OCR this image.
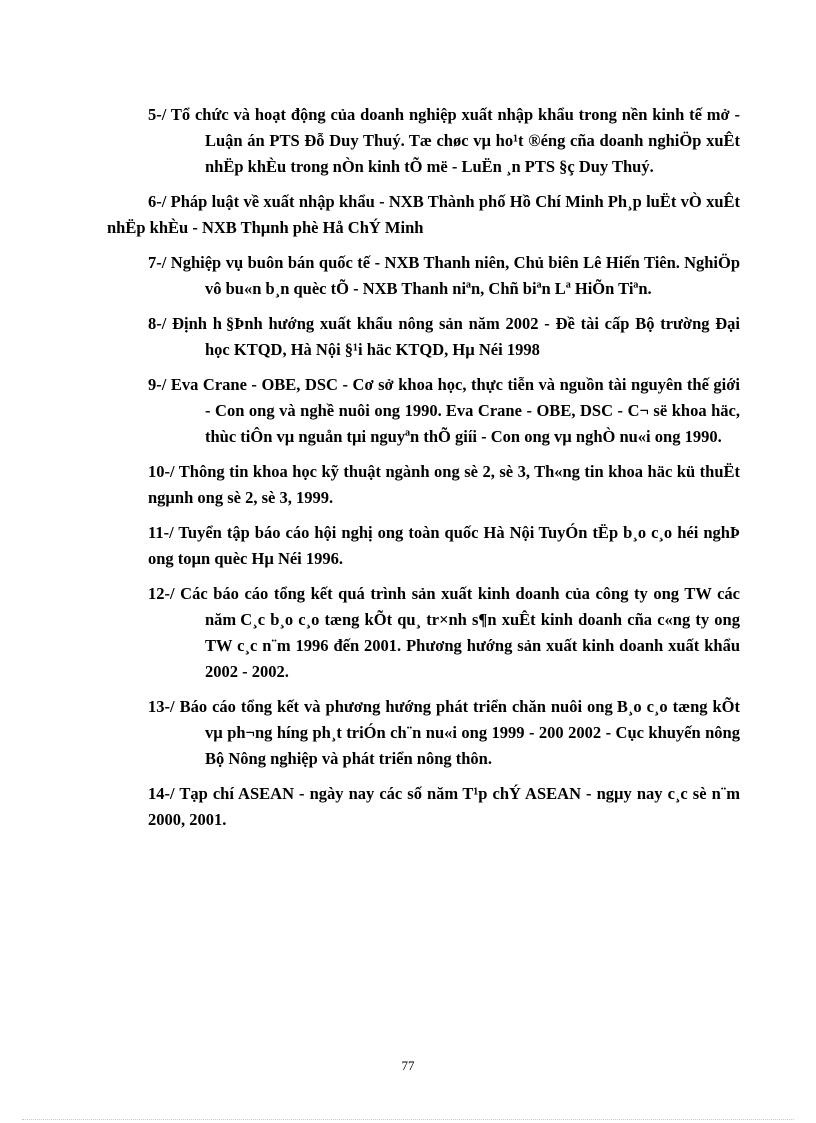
5-/ Tổ chức và hoạt động của doanh nghiệp xuất nhập khẩu trong nền kinh tế mở - Luận án PTS Đỗ Duy Thuý. Tæ chøc vµ ho¹t ®éng cña doanh nghiÖp xuÊt nhËp khÈu trong nÒn kinh tÕ më - LuËn ¸n PTS §ç Duy Thuý.

6-/ Pháp luật về xuất nhập khẩu - NXB Thành phố Hồ Chí Minh Ph¸p luËt vÒ xuÊt nhËp khÈu - NXB Thµnh phè Hå ChÝ Minh

7-/ Nghiệp vụ buôn bán quốc tế - NXB Thanh niên, Chủ biên Lê Hiến Tiên. NghiÖp vô bu«n b¸n quèc tÕ - NXB Thanh niªn, Chñ biªn Lª HiÕn Tiªn.

8-/ Định h §Þnh hướng xuất khẩu nông sản năm 2002 - Đề tài cấp Bộ trường Đại học KTQD, Hà Nội §¹i häc KTQD, Hµ Néi 1998

9-/ Eva Crane - OBE, DSC - Cơ sở khoa học, thực tiễn và nguồn tài nguyên thế giới - Con ong và nghề nuôi ong 1990. Eva Crane - OBE, DSC - C¬ së khoa häc, thùc tiÔn vµ nguån tµi nguyªn thÕ giíi - Con ong vµ nghÒ nu«i ong 1990.

10-/ Thông tin khoa học kỹ thuật ngành ong sè 2, sè 3, Th«ng tin khoa häc kü thuËt ngµnh ong sè 2, sè 3, 1999.

11-/ Tuyển tập báo cáo hội nghị ong toàn quốc Hà Nội TuyÓn tËp b¸o c¸o héi nghÞ ong toµn quèc Hµ Néi 1996.

12-/ Các báo cáo tổng kết quá trình sản xuất kinh doanh của công ty ong TW các năm C¸c b¸o c¸o tæng kÕt qu¸ tr×nh s¶n xuÊt kinh doanh cña c«ng ty ong TW c¸c n¨m 1996 đến 2001. Phương hướng sản xuất kinh doanh xuất khẩu 2002 - 2002.

13-/ Báo cáo tổng kết và phương hướng phát triển chăn nuôi ong B¸o c¸o tæng kÕt vµ ph¬ng híng ph¸t triÓn ch¨n nu«i ong 1999 - 200 2002 - Cục khuyến nông Bộ Nông nghiệp và phát triển nông thôn.

14-/ Tạp chí ASEAN - ngày nay các số năm T¹p chÝ ASEAN - ngµy nay c¸c sè n¨m 2000, 2001.

77
